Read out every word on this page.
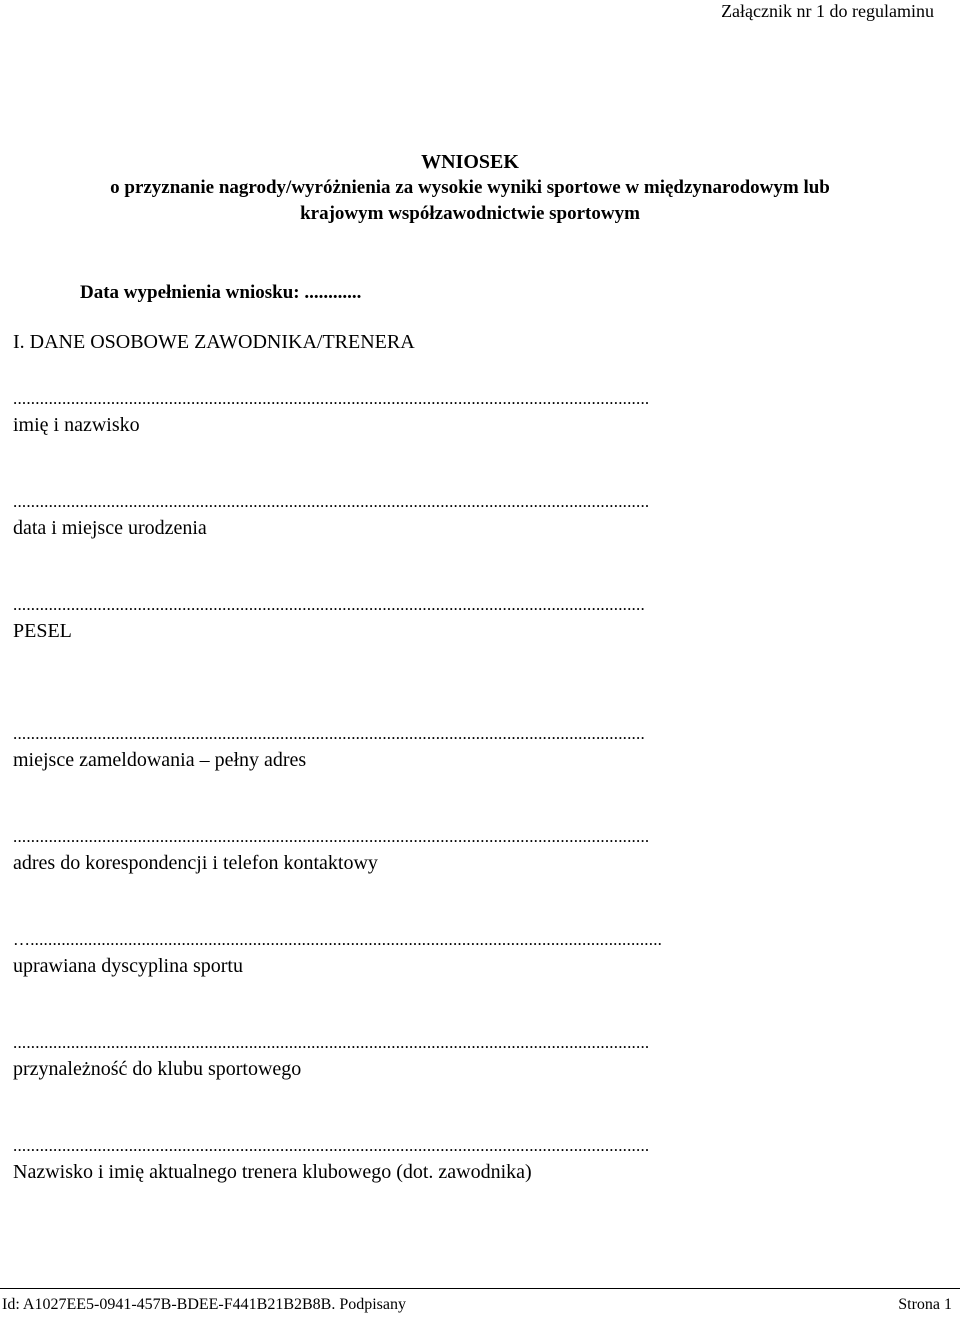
Załącznik nr 1 do regulaminu
WNIOSEK
o przyznanie nagrody/wyróżnienia za wysokie wyniki sportowe w międzynarodowym lub
krajowym współzawodnictwie sportowym
Data wypełnienia wniosku: ............
I. DANE OSOBOWE ZAWODNIKA/TRENERA
...............................................................................................................................................
imię i nazwisko
...............................................................................................................................................
data i miejsce urodzenia
..............................................................................................................................................
PESEL
..............................................................................................................................................
miejsce zameldowania – pełny adres
...............................................................................................................................................
adres do korespondencji i telefon kontaktowy
…..............................................................................................................................................
uprawiana dyscyplina sportu
...............................................................................................................................................
przynależność do klubu sportowego
...............................................................................................................................................
Nazwisko i imię aktualnego trenera klubowego (dot. zawodnika)
Id: A1027EE5-0941-457B-BDEE-F441B21B2B8B. Podpisany	Strona 1
